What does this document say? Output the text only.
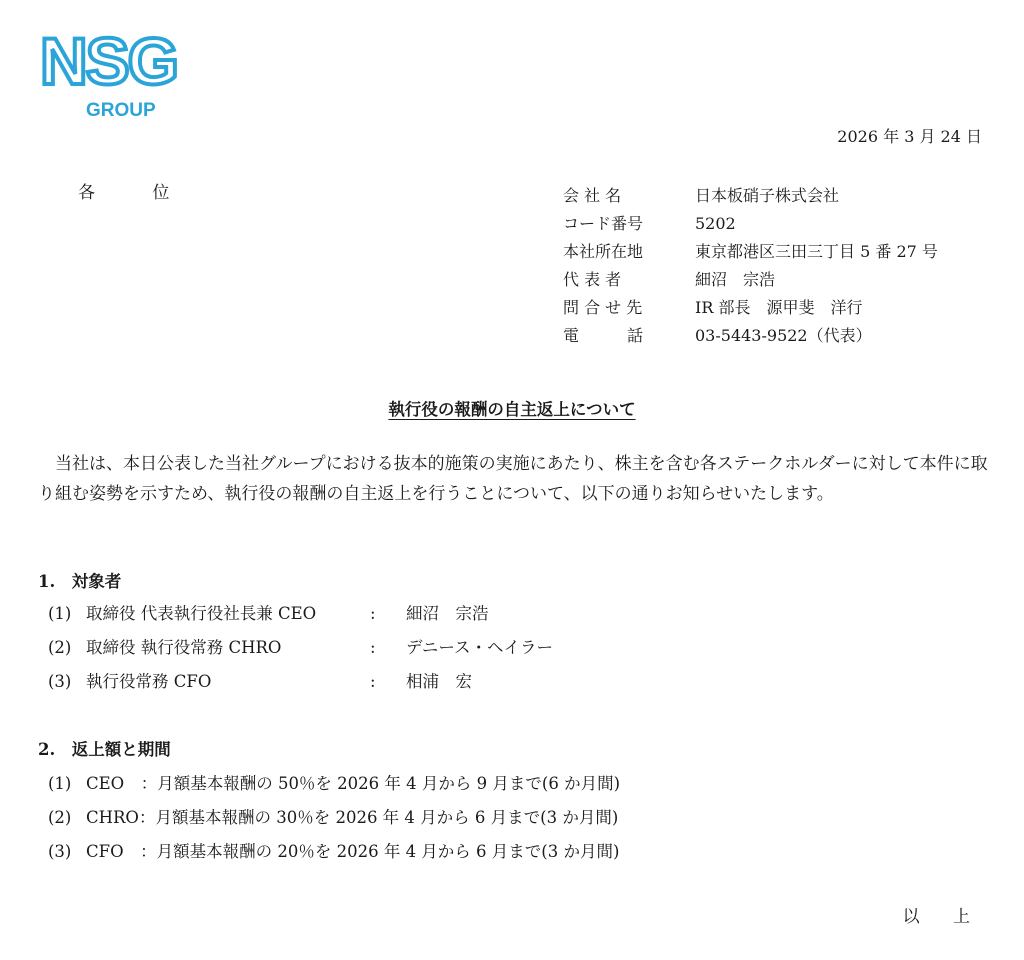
NSG
GROUP
2026 年 3 月 24 日
各 位	会 社 名	日本板硝子株式会社
コード番号	5202
本社所在地	東京都港区三田三丁目 5 番 27 号
代 表 者	細沼　宗浩
問 合 せ 先	IR 部長　源甲斐　洋行
電　　　話	03-5443-9522（代表）
執行役の報酬の自主返上について

当社は、本日公表した当社グループにおける抜本的施策の実施にあたり、株主を含む各ステークホルダーに対して本件に取り組む姿勢を示すため、執行役の報酬の自主返上を行うことについて、以下の通りお知らせいたします。

1.　対象者
(1) 取締役 代表執行役社長兼 CEO	: 細沼　宗浩
(2) 取締役 執行役常務 CHRO	: デニース・ヘイラー
(3) 執行役常務 CFO	: 相浦　宏
2.　返上額と期間
(1) CEO　：月額基本報酬の 50％を 2026 年 4 月から 9 月まで(6 か月間)
(2) CHRO：月額基本報酬の 30％を 2026 年 4 月から 6 月まで(3 か月間)
(3) CFO　：月額基本報酬の 20％を 2026 年 4 月から 6 月まで(3 か月間)
以 上
